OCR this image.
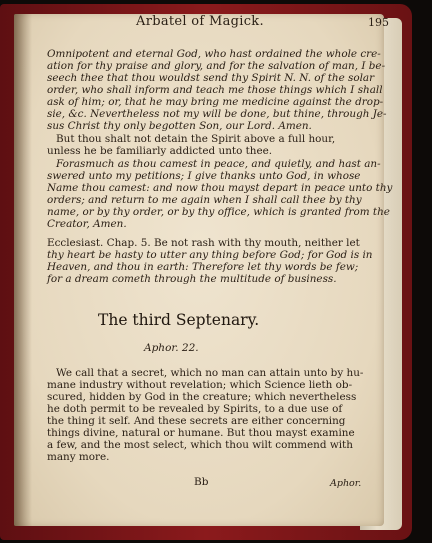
Arbatel of Magick.	195
Omnipotent and eternal God, who hast ordained the whole cre-
ation for thy praise and glory, and for the salvation of man, I be-
seech thee that thou wouldst send thy Spirit N. N. of the solar
order, who shall inform and teach me those things which I shall
ask of him; or, that he may bring me medicine against the drop-
sie, &c. Nevertheless not my will be done, but thine, through Je-
sus Christ thy only begotten Son, our Lord. Amen.
But thou shalt not detain the Spirit above a full hour,
unless he be familiarly addicted unto thee.
Forasmuch as thou camest in peace, and quietly, and hast an-
swered unto my petitions; I give thanks unto God, in whose
Name thou camest: and now thou mayst depart in peace unto thy
orders; and return to me again when I shall call thee by thy
name, or by thy order, or by thy office, which is granted from the
Creator, Amen.
Ecclesiast. Chap. 5. Be not rash with thy mouth, neither let
thy heart be hasty to utter any thing before God; for God is in
Heaven, and thou in earth: Therefore let thy words be few;
for a dream cometh through the multitude of business.
The third Septenary.
Aphor. 22.
We call that a secret, which no man can attain unto by hu-
mane industry without revelation; which Science lieth ob-
scured, hidden by God in the creature; which nevertheless
he doth permit to be revealed by Spirits, to a due use of
the thing it self. And these secrets are either concerning
things divine, natural or humane. But thou mayst examine
a few, and the most select, which thou wilt commend with
many more.
Bb	Aphor.
